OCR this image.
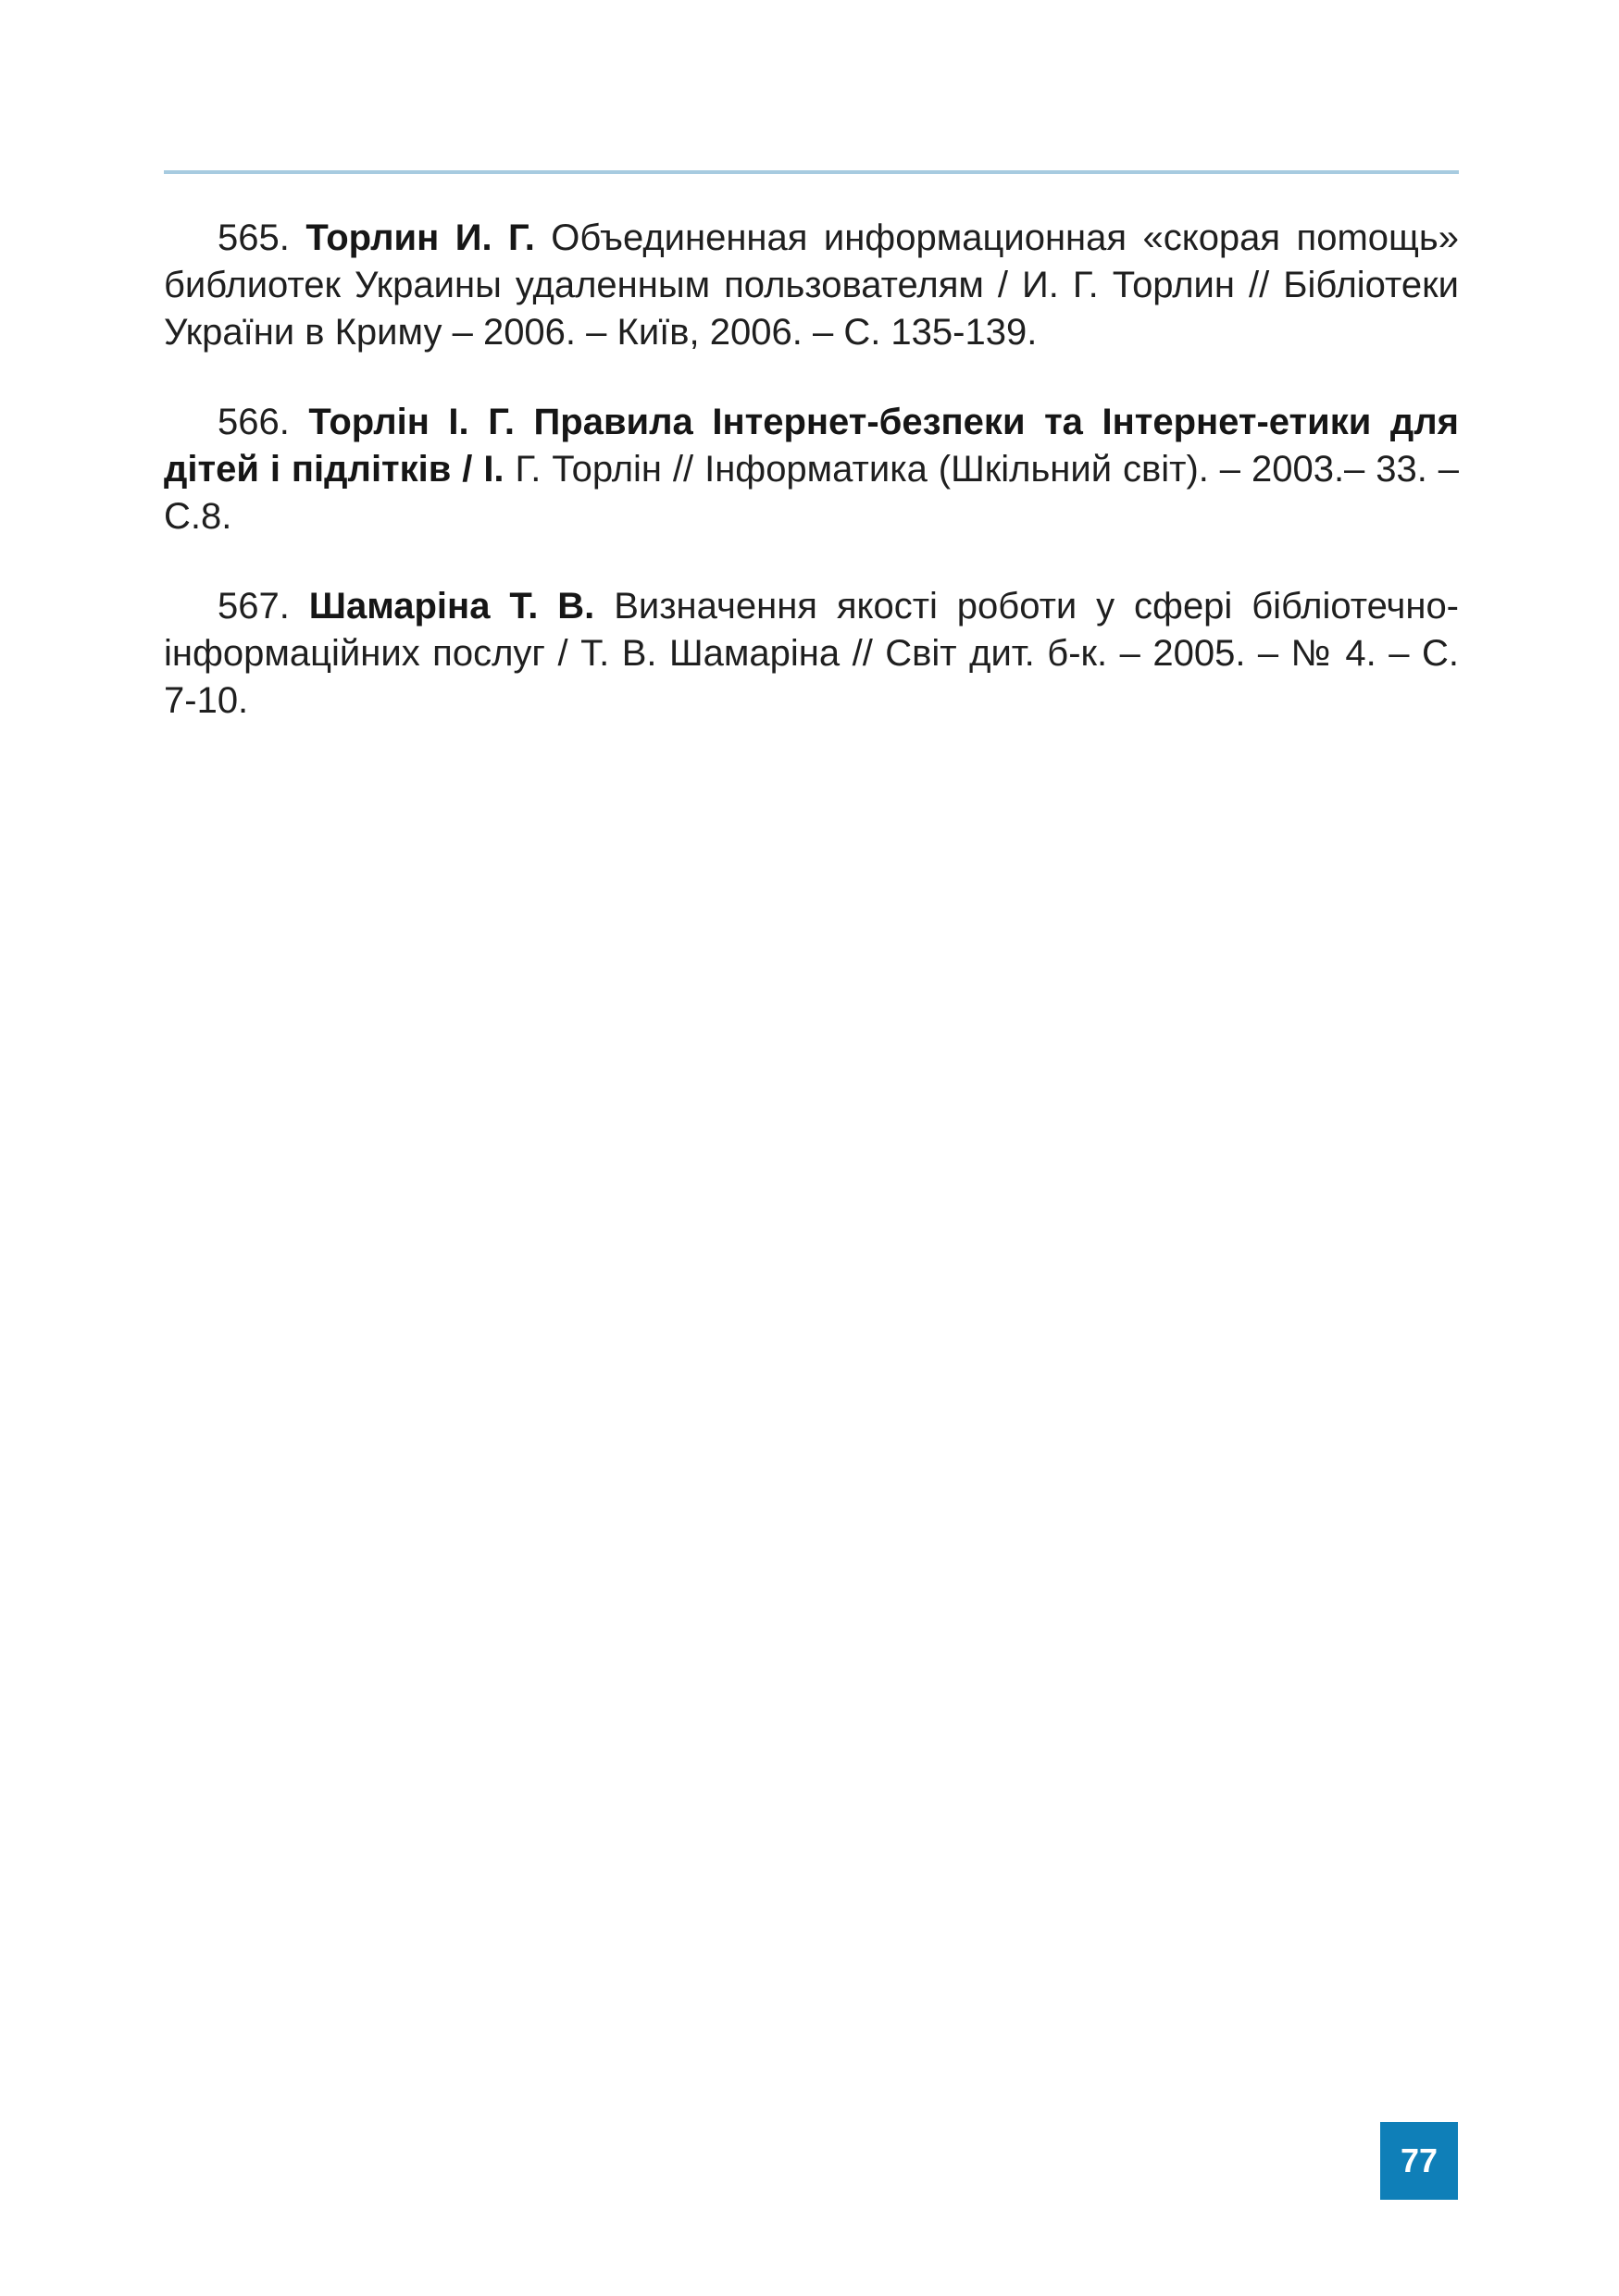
565. Торлин И. Г. Объединенная информационная «скорая поmощь» библиотек Украины удаленным пользователям / И. Г. Торлин // Бібліотеки України в Криму – 2006. – Київ, 2006. – С. 135-139.

566. Торлін І. Г. Правила Інтернет-безпеки та Інтернет-етики для дітей і підлітків / І. Г. Торлін // Інформатика (Шкільний світ). – 2003.– 33. – С.8.

567. Шамаріна Т. В. Визначення якості роботи у сфері бібліотечно-інформаційних послуг / Т. В. Шамаріна // Світ дит. б-к. – 2005. – № 4. – С. 7-10.

77
